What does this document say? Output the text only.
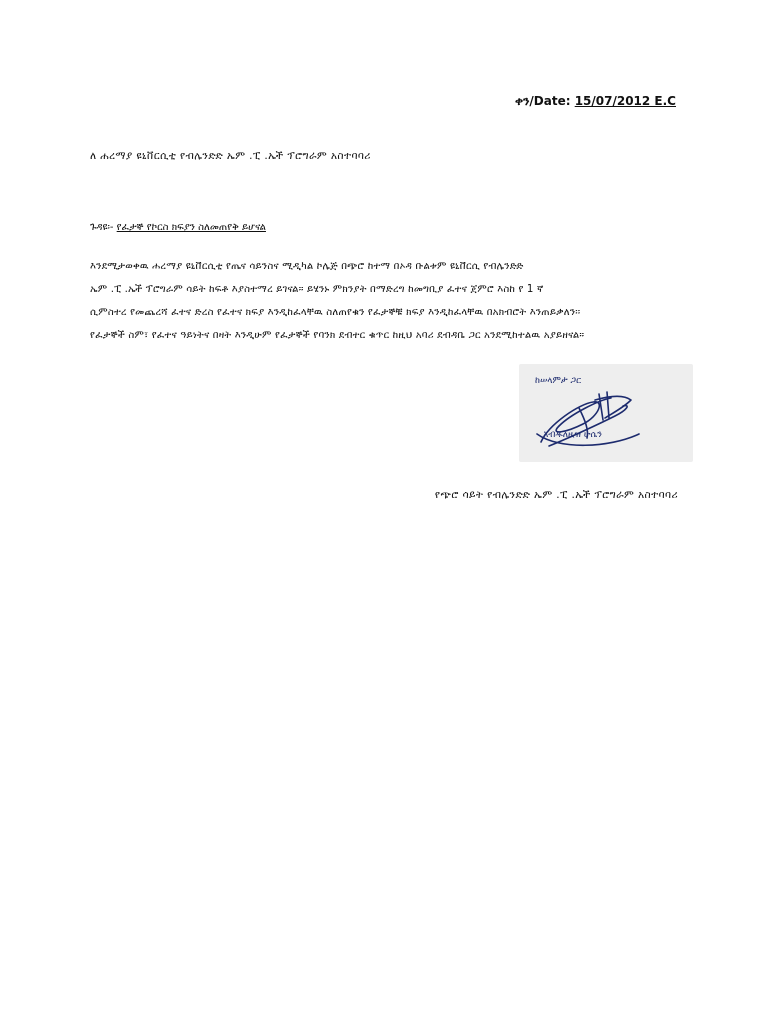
ቀን/Date: 15/07/2012 E.C
ለ ሐረማያ ዩኒቨርሲቲ የብሌንድድ ኤም .ፒ .ኤች ፕሮግራም አስተባባሪ
ጉዳዩ፡- የፈታኞ የኮርስ ክፍያን ስለመጠየቅ ይሆናል
እንደሚታወቀዉ ሐረማያ ዩኒቨርሲቲ የጤና ሳይንስና ሚዲካል ኮሌጅ በጭሮ ከተማ በኦዳ ቡልቱም ዩኒቨርሲ የብሌንድድ
ኤም .ፒ .ኤች ፕሮግራም ሳይት ከፍቶ እያስተማረ ይገናል። ይሄንኑ ምክንያት በማድረግ ከመግቢያ ፈተና ጀምሮ እስከ የ 1 ኛ
ሲምስተረ የመጨረሻ ፈተና ድረስ የፈተና ክፍያ እንዲከፈላቸዉ ስለጠየቁን የፈታኞቹ ክፍያ እንዲከፈላቸዉ በአክብሮት እንጠይቃለን፡፡
የፈታኞች ስም፣ የፈተና ዓይነትና በዛት እንዲሁም የፈታኞች የባንክ ደብተር ቁጥር ከዚህ አባሪ ደብዳቤ ጋር አንደሚከተልዉ አያይዘናል።
ከሠላምታ ጋር
አብዱለዚዝ ሁሴን
የጭሮ ሳይት የብሌንድድ ኤም .ፒ .ኤች ፕሮግራም አስተባባሪ
